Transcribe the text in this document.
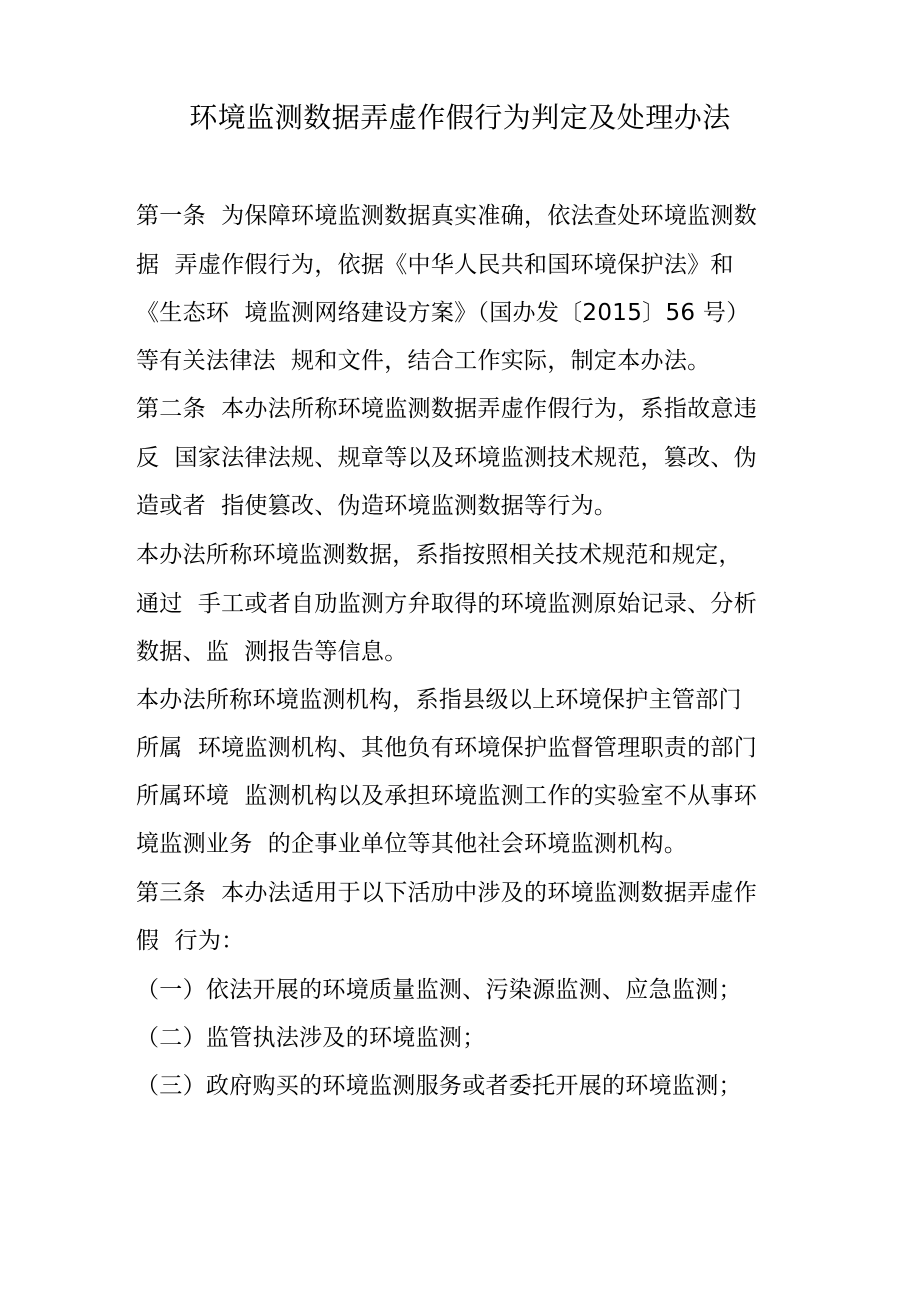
环境监测数据弄虚作假行为判定及处理办法
第一条  为保障环境监测数据真实准确，依法查处环境监测数
据  弄虚作假行为，依据《中华人民共和国环境保护法》和
《生态环  境监测网络建设方案》（国办发〔2015〕56 号）
等有关法律法  规和文件，结合工作实际，制定本办法。
第二条  本办法所称环境监测数据弄虚作假行为，系指故意违
反  国家法律法规、规章等以及环境监测技术规范，篡改、伪
造或者  指使篡改、伪造环境监测数据等行为。
本办法所称环境监测数据，系指按照相关技术规范和规定，
通过  手工或者自劢监测方弁取得的环境监测原始记录、分析
数据、监  测报告等信息。
本办法所称环境监测机构，系指县级以上环境保护主管部门
所属  环境监测机构、其他负有环境保护监督管理职责的部门
所属环境  监测机构以及承担环境监测工作的实验室不从事环
境监测业务  的企事业单位等其他社会环境监测机构。
第三条  本办法适用于以下活劢中涉及的环境监测数据弄虚作
假  行为：
（一）依法开展的环境质量监测、污染源监测、应急监测；
（二）监管执法涉及的环境监测；
（三）政府购买的环境监测服务或者委托开展的环境监测；
